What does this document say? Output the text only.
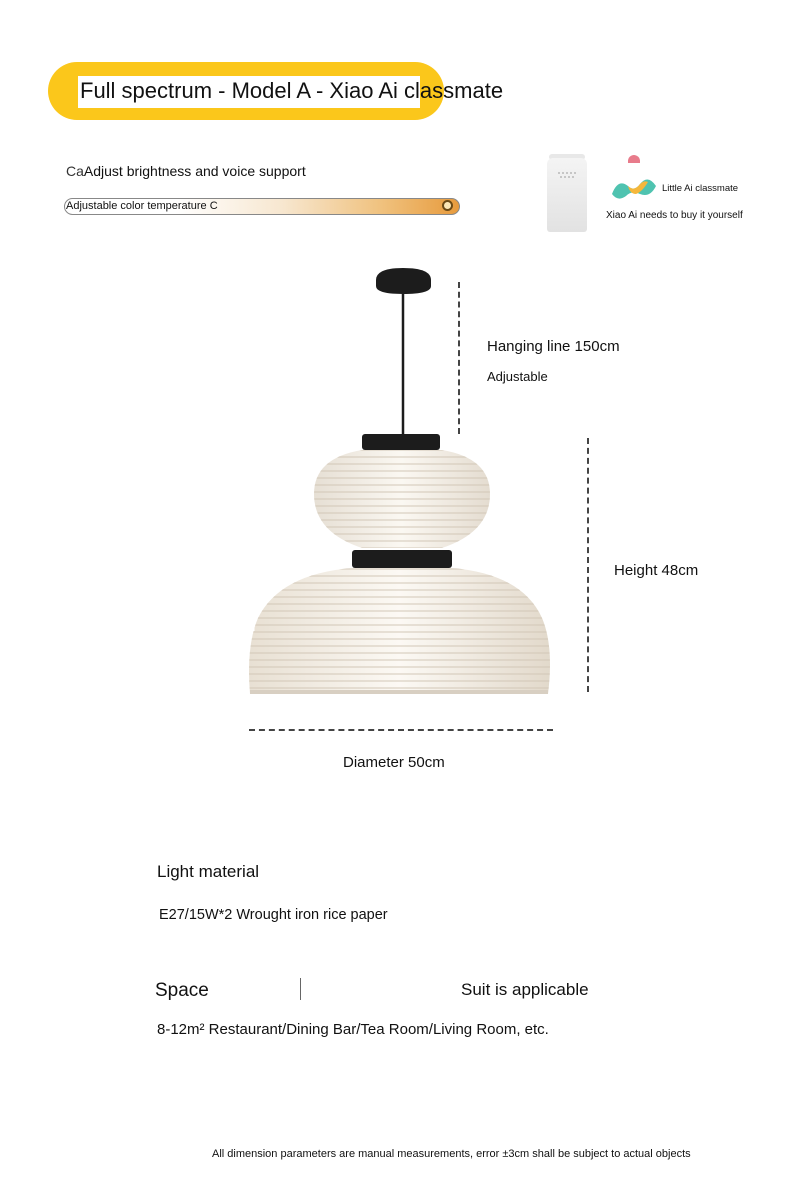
Full spectrum - Model A - Xiao Ai classmate
CaAdjust brightness and voice support
Adjustable color temperature C
Little Ai classmate
Xiao Ai needs to buy it yourself
Hanging line 150cm
Adjustable
Height 48cm
Diameter 50cm
Light material
E27/15W*2 Wrought iron rice paper
Space	Suit is applicable
8-12m² Restaurant/Dining Bar/Tea Room/Living Room, etc.
All dimension parameters are manual measurements, error ±3cm shall be subject to actual objects
